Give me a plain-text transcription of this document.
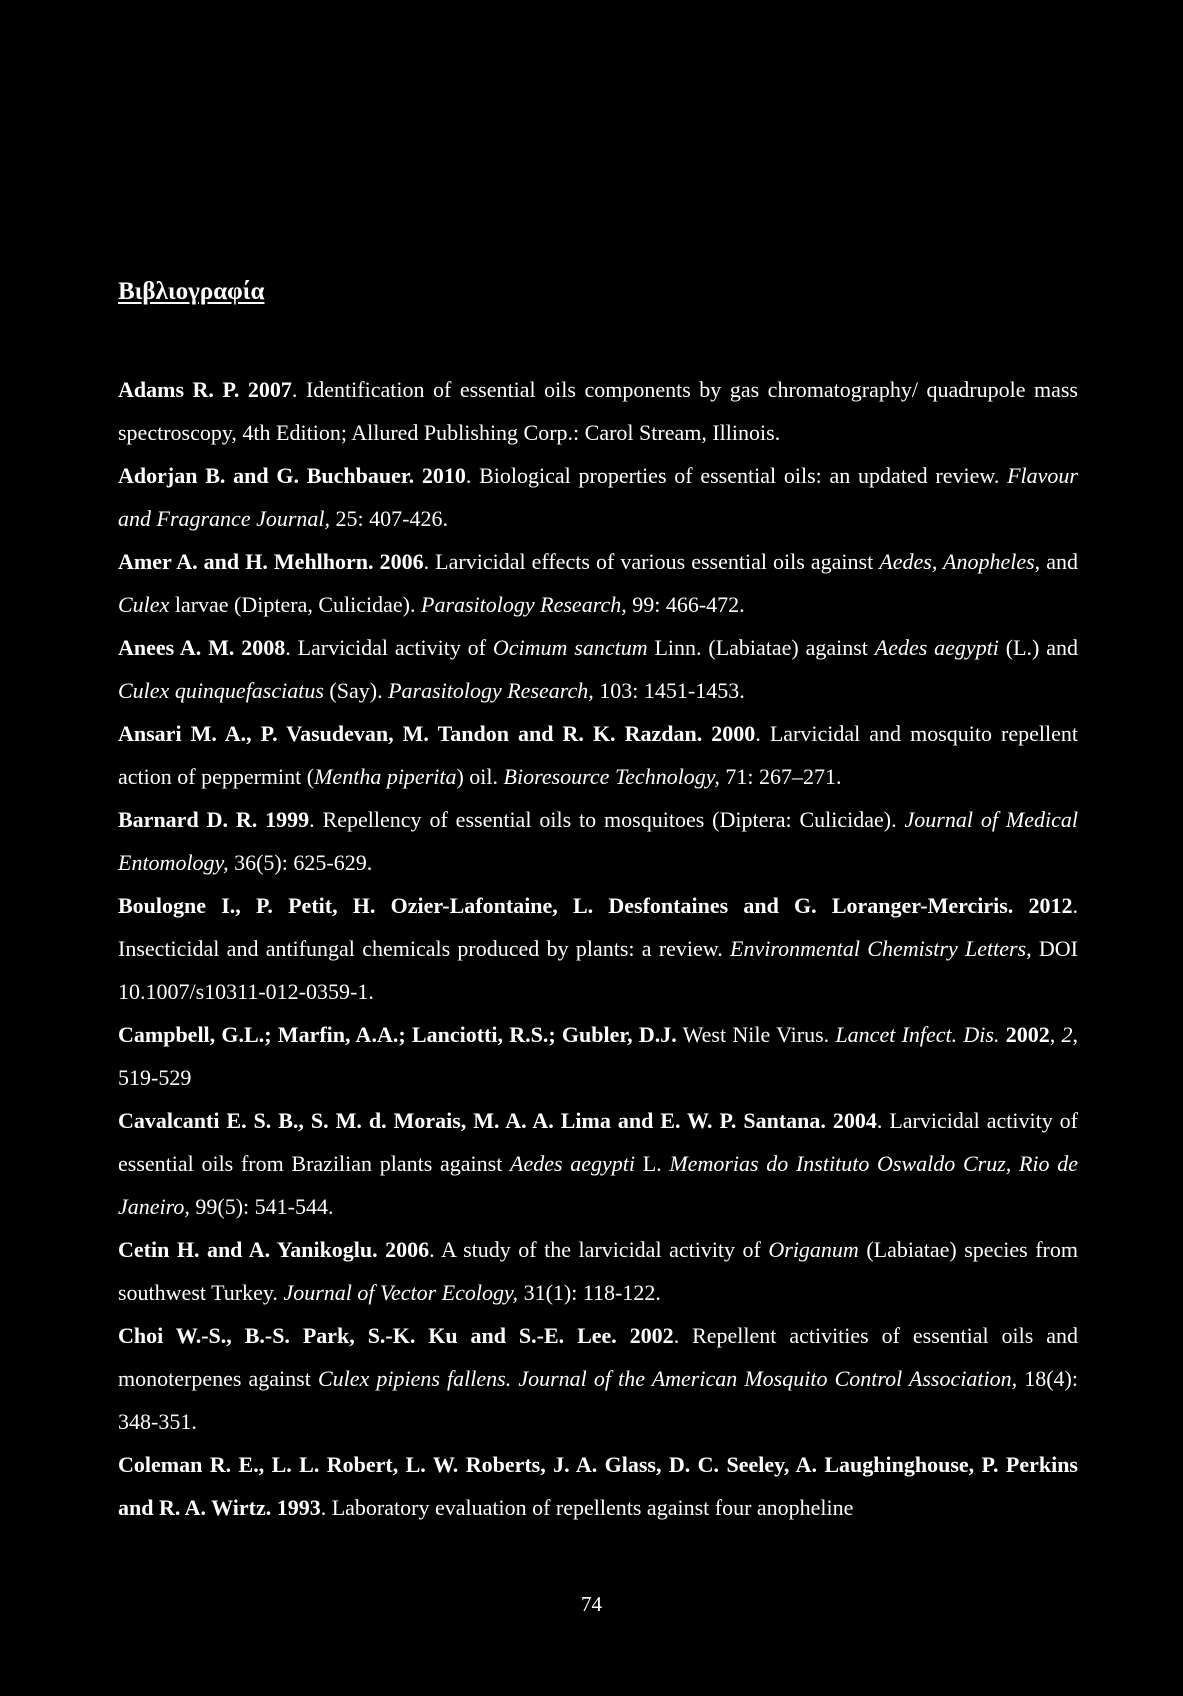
Βιβλιογραφία
Adams R. P. 2007. Identification of essential oils components by gas chromatography/ quadrupole mass spectroscopy, 4th Edition; Allured Publishing Corp.: Carol Stream, Illinois.
Adorjan B. and G. Buchbauer. 2010. Biological properties of essential oils: an updated review. Flavour and Fragrance Journal, 25: 407-426.
Amer A. and H. Mehlhorn. 2006. Larvicidal effects of various essential oils against Aedes, Anopheles, and Culex larvae (Diptera, Culicidae). Parasitology Research, 99: 466-472.
Anees A. M. 2008. Larvicidal activity of Ocimum sanctum Linn. (Labiatae) against Aedes aegypti (L.) and Culex quinquefasciatus (Say). Parasitology Research, 103: 1451-1453.
Ansari M. A., P. Vasudevan, M. Tandon and R. K. Razdan. 2000. Larvicidal and mosquito repellent action of peppermint (Mentha piperita) oil. Bioresource Technology, 71: 267–271.
Barnard D. R. 1999. Repellency of essential oils to mosquitoes (Diptera: Culicidae). Journal of Medical Entomology, 36(5): 625-629.
Boulogne I., P. Petit, H. Ozier-Lafontaine, L. Desfontaines and G. Loranger-Merciris. 2012. Insecticidal and antifungal chemicals produced by plants: a review. Environmental Chemistry Letters, DOI 10.1007/s10311-012-0359-1.
Campbell, G.L.; Marfin, A.A.; Lanciotti, R.S.; Gubler, D.J. West Nile Virus. Lancet Infect. Dis. 2002, 2, 519-529
Cavalcanti E. S. B., S. M. d. Morais, M. A. A. Lima and E. W. P. Santana. 2004. Larvicidal activity of essential oils from Brazilian plants against Aedes aegypti L. Memorias do Instituto Oswaldo Cruz, Rio de Janeiro, 99(5): 541-544.
Cetin H. and A. Yanikoglu. 2006. A study of the larvicidal activity of Origanum (Labiatae) species from southwest Turkey. Journal of Vector Ecology, 31(1): 118-122.
Choi W.-S., B.-S. Park, S.-K. Ku and S.-E. Lee. 2002. Repellent activities of essential oils and monoterpenes against Culex pipiens fallens. Journal of the American Mosquito Control Association, 18(4): 348-351.
Coleman R. E., L. L. Robert, L. W. Roberts, J. A. Glass, D. C. Seeley, A. Laughinghouse, P. Perkins and R. A. Wirtz. 1993. Laboratory evaluation of repellents against four anopheline
74
